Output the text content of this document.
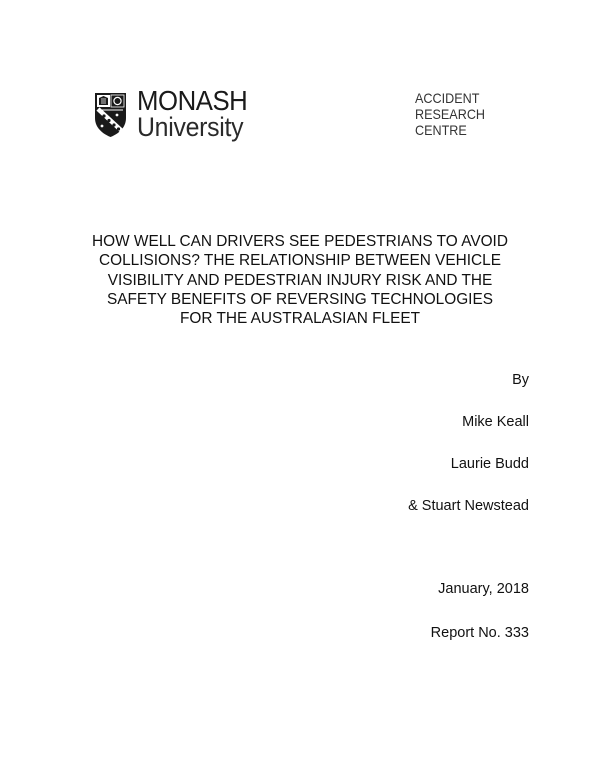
MONASH
University
ACCIDENT
RESEARCH
CENTRE
HOW WELL CAN DRIVERS SEE PEDESTRIANS TO AVOID
COLLISIONS? THE RELATIONSHIP BETWEEN VEHICLE
VISIBILITY AND PEDESTRIAN INJURY RISK AND THE
SAFETY BENEFITS OF REVERSING TECHNOLOGIES
FOR THE AUSTRALASIAN FLEET
By
Mike Keall
Laurie Budd
& Stuart Newstead
January, 2018
Report No. 333
